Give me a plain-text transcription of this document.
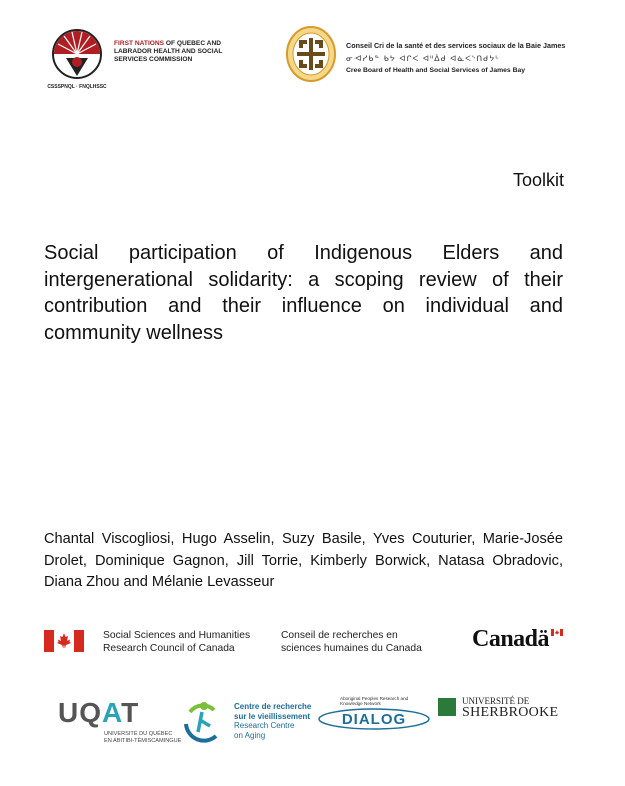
CSSSPNQL · FNQLHSSC
FIRST NATIONS OF QUEBEC AND LABRADOR HEALTH AND SOCIAL SERVICES COMMISSION
Conseil Cri de la santé et des services sociaux de la Baie James
ᓂᐗᓯᑲᓐ ᑲᔭ ᐊᒋᐸ ᐊᐦᐄᑯ ᐊᓈᐸᔅᑎᑯᔭᒡ
Cree Board of Health and Social Services of James Bay
Toolkit
Social participation of Indigenous Elders and intergenerational solidarity: a scoping review of their contribution and their influence on individual and community wellness
Chantal Viscogliosi, Hugo Asselin, Suzy Basile, Yves Couturier, Marie-Josée Drolet, Dominique Gagnon, Jill Torrie, Kimberly Borwick, Natasa Obradovic, Diana Zhou and Mélanie Levasseur
Social Sciences and Humanities
Research Council of Canada
Conseil de recherches en
sciences humaines du Canada Canadä
UQAT
UNIVERSITÉ DU QUÉBEC
EN ABITIBI-TÉMISCAMINGUE
Centre de recherche
sur le vieillissement
Research Centre
on Aging
Aboriginal Peoples Research and Knowledge Network
DIALOG
UNIVERSITÉ DE
SHERBROOKE
